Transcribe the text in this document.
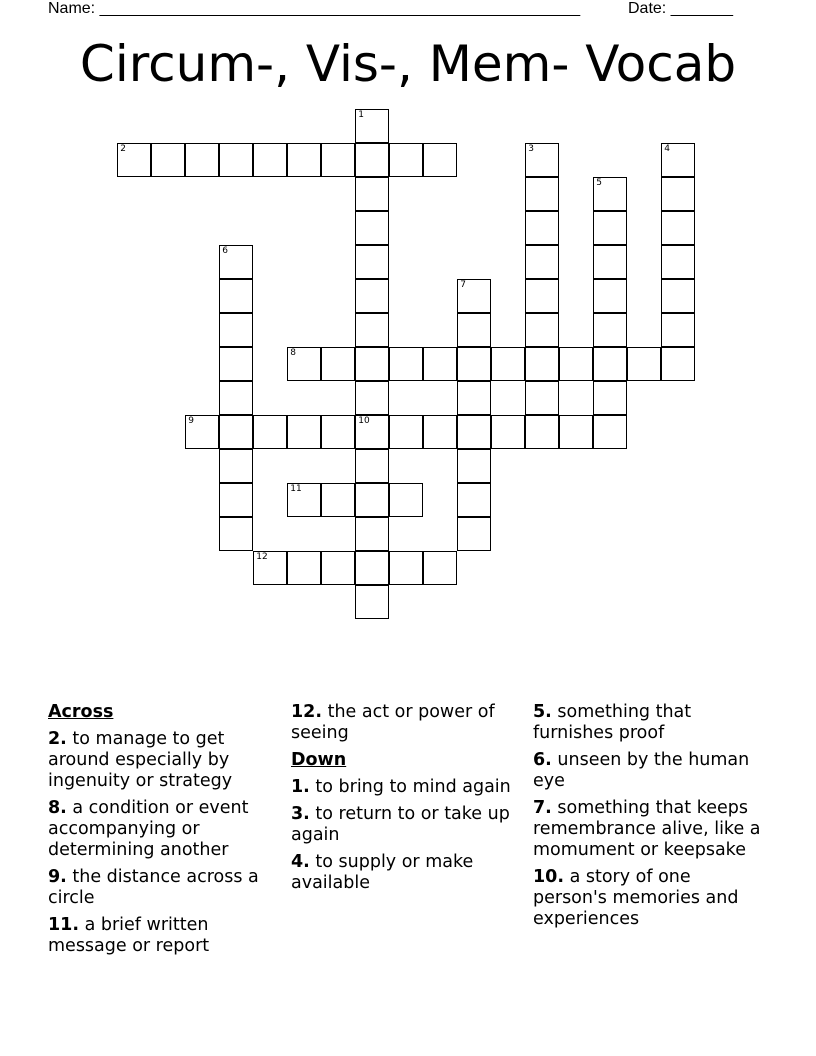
Name: ______________________________________________________	Date: _______
Circum-, Vis-, Mem- Vocab
2
8
9	10
11
12
1
3	4
5
6
7
Across
2. to manage to get around especially by ingenuity or strategy
8. a condition or event accompanying or determining another
9. the distance across a circle
11. a brief written message or report
12. the act or power of seeing
Down
1. to bring to mind again
3. to return to or take up again
4. to supply or make available
5. something that furnishes proof
6. unseen by the human eye
7. something that keeps remembrance alive, like a momument or keepsake
10. a story of one person's memories and experiences
